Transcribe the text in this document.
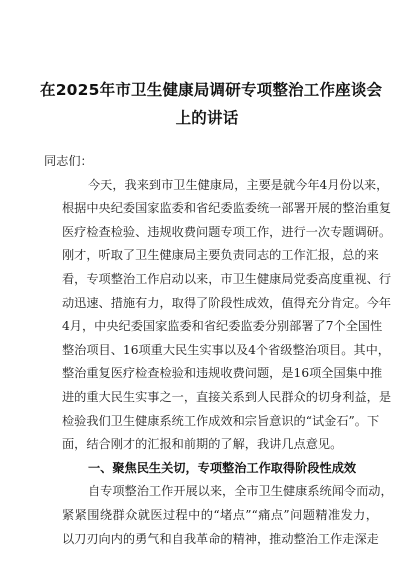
在2025年市卫生健康局调研专项整治工作座谈会
上的讲话
同志们：
今天，我来到市卫生健康局，主要是就今年4月份以来，
根据中央纪委国家监委和省纪委监委统一部署开展的整治重复
医疗检查检验、违规收费问题专项工作，进行一次专题调研。
刚才，听取了卫生健康局主要负责同志的工作汇报，总的来
看，专项整治工作启动以来，市卫生健康局党委高度重视、行
动迅速、措施有力，取得了阶段性成效，值得充分肯定。今年
4月，中央纪委国家监委和省纪委监委分别部署了7个全国性
整治项目、16项重大民生实事以及4个省级整治项目。其中，
整治重复医疗检查检验和违规收费问题，是16项全国集中推
进的重大民生实事之一，直接关系到人民群众的切身利益，是
检验我们卫生健康系统工作成效和宗旨意识的“试金石”。下
面，结合刚才的汇报和前期的了解，我讲几点意见。
一、聚焦民生关切，专项整治工作取得阶段性成效
自专项整治工作开展以来，全市卫生健康系统闻令而动，
紧紧围绕群众就医过程中的“堵点”“痛点”问题精准发力，
以刀刃向内的勇气和自我革命的精神，推动整治工作走深走
